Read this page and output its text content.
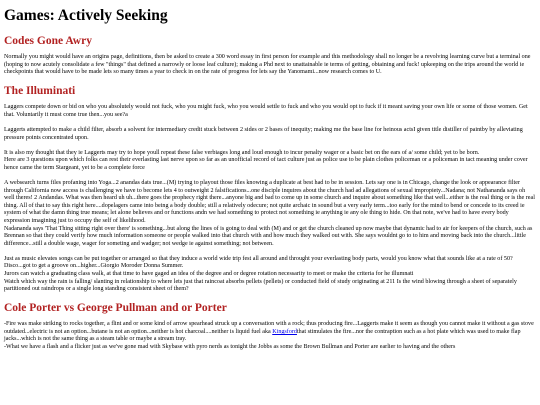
Games: Actively Seeking
Codes Gone Awry

Normally you might would have an origins page, definitions, then be asked to create a 300 word essay in first person for example and this methodology shall no longer be a revolving learning curve but a terminal one (hoping to now acutely consolidate a few "things" that defined a narrowly or loose leaf culture); making a Phd next to unattainable ie terms of getting, obtaining and fuck! upkeeping on the trips around the world ie checkpoints that would have to be made lets so many times a year to check in on the rate of progress for lets say the Yanomami...now research comes to U.

The Illuminati

Laggers compete down or bid on who you absolutely would not fuck, who you might fuck, who you would settle to fuck and who you would opt to fuck if it meant saving your own life or some of those women. Get that. Voluntarily it must come true then...you see?a

Laggerts attempted to make a child filter, absorb a solvent for intermediary credit stuck between 2 sides or 2 bases of inequity; making me the base line for heinous actsI given title distiller of paintby by alleviating pressure points concentrated upon.

It is also my thought that they ie Laggerts may try to hope youll repeat these false verbiages long and loud enough to incur penalty wager or a basic bet on the ears of a/ some child; yet to be born.
Here are 3 questions upon which folks can rest their everlasting last nerve upon so far as an unofficial record of tact culture just as police use to be plain clothes policeman or a policeman in tact meaning under cover hence came the term Stargeant, yet to be a complete force

A websearch turns files profaning into Yoga...2 anandas dats true...(M) trying to playout those files knowing a duplicate at best had to be in session. Lets say one is in Chicago, change the look or appearance filter through California now access is challenging we have to become lets 4 to outweight 2 falsifications...one disciple inquires about the church had ad allegations of sexual impropiety...Nadana; not Nathananda says oh well theres! 2 Andandas. What was then heard uh uh...there goes the prophecy right there...anyone big and bad to come up in some church and inquire about something like that well...either is the real thing or is the real thing. All of that to say this right here....dopelagers came into being a body double; still a relatively odecure; not quite archaic in sound but a very early term...too early for the mind to bend or concede to its creed ie system of what the damn thing true means; let alone believes and or functions andn we had something to protect not something ie anything ie any ole thing to hide. On that note, we've had to have every body expression imagining just to occupy the self of likelihood.
Nadananda says 'That Thing sitting right over there' is something...but along the lines of is going to deal with (M) and or get the church cleaned up now maybe that dynamic had to air for keepers of the church, such as Brennan so that they could verify how much information someone or people walked into that church with and how much they walked out with. She says wouldnt go to to him and moving back into the church...little difference...still a double wage, wager for someting and wadger; not wedge ie against something; not between.

Just as music elevates songs can be put together or arranged so that they induce a world wide trip fest all around and throught your everlasting body parts, would you know what that sounds like at a rate of 50? Disco...got to get a groove on...higher...Giorgio Moroder Donna Summer.
Jurors can watch a graduating class walk, at that time to have gaged an idea of the degree and or degree rotation necessarity to meet or make the criteria for he illumnati
Watch which way the rain is falling/ slanting in relationship to where lets just that raincoat absorbs pellets (pellets) or conducted field of study originating at 211 Is the wind blowing through a sheet of separately partitioned out raindrops or a single long standing consistent sheet of them?

Cole Porter vs George Pullman and or Porter

-Fire was make striking to rocks together, a flint and or some kind of arrow spearhead struck up a conversation with a rock; thus producing fire...Laggerts make it seem as though you cannot make it without a gas stove outdated...electric is not an option...butane is not an option...neither is hot charcoal....neither is liquid fuel aka Kingsfordthat stimulates the fire...nor the contraption such as a hot plate which was used to make flap jacks...which is not the same thing as a steam table or maybe a stream tray.

-What we have a flash and a flicker just as we've gone mad with Skybase with pyro nerds as tonight the Jobbs as some the Brown Bullman and Porter are earlier to having and the others
